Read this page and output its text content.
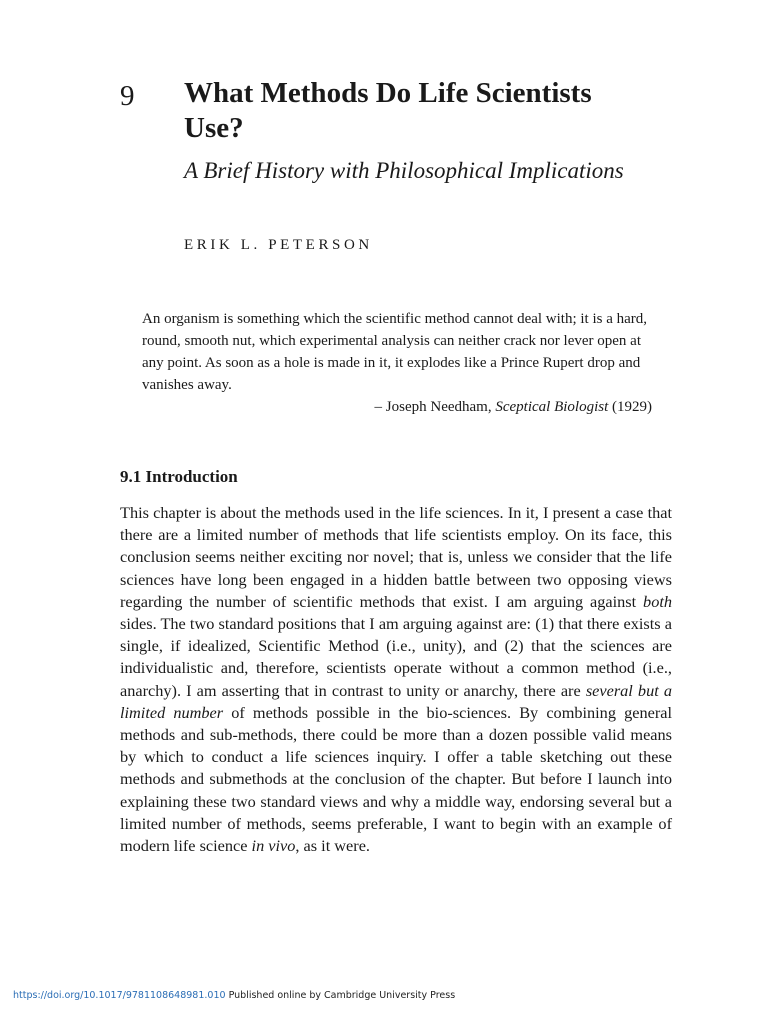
9 What Methods Do Life Scientists Use?
A Brief History with Philosophical Implications
ERIK L. PETERSON
An organism is something which the scientific method cannot deal with; it is a hard, round, smooth nut, which experimental analysis can neither crack nor lever open at any point. As soon as a hole is made in it, it explodes like a Prince Rupert drop and vanishes away.
– Joseph Needham, Sceptical Biologist (1929)
9.1 Introduction
This chapter is about the methods used in the life sciences. In it, I present a case that there are a limited number of methods that life scientists employ. On its face, this conclusion seems neither exciting nor novel; that is, unless we consider that the life sciences have long been engaged in a hidden battle between two opposing views regarding the number of scientific methods that exist. I am arguing against both sides. The two standard positions that I am arguing against are: (1) that there exists a single, if idealized, Scientific Method (i.e., unity), and (2) that the sciences are individualistic and, therefore, scientists operate without a common method (i.e., anarchy). I am asserting that in contrast to unity or anarchy, there are several but a limited number of methods possible in the bio-sciences. By combining general methods and sub-methods, there could be more than a dozen possible valid means by which to conduct a life sciences inquiry. I offer a table sketching out these methods and submethods at the conclusion of the chapter. But before I launch into explaining these two standard views and why a middle way, endorsing several but a limited number of methods, seems preferable, I want to begin with an example of modern life science in vivo, as it were.
https://doi.org/10.1017/9781108648981.010 Published online by Cambridge University Press
